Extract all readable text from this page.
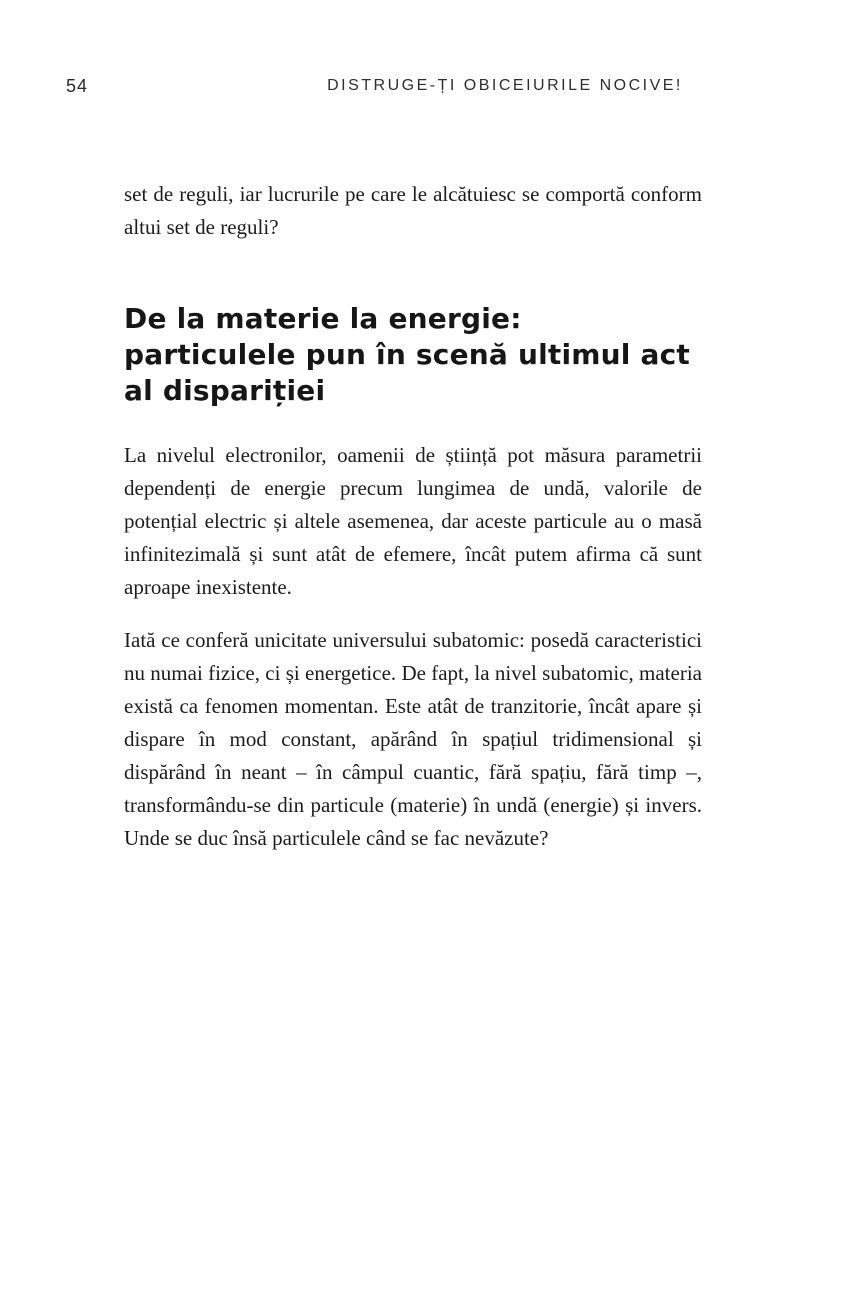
54	DISTRUGE-ȚI OBICEIURILE NOCIVE!

set de reguli, iar lucrurile pe care le alcătuiesc se comportă conform altui set de reguli?

De la materie la energie: particulele pun în scenă ultimul act al dispariției

La nivelul electronilor, oamenii de știință pot măsura parametrii dependenți de energie precum lungimea de undă, valorile de potențial electric și altele asemenea, dar aceste particule au o masă infinitezimală și sunt atât de efemere, încât putem afirma că sunt aproape inexistente.

Iată ce conferă unicitate universului subatomic: posedă caracteristici nu numai fizice, ci și energetice. De fapt, la nivel subatomic, materia există ca fenomen momentan. Este atât de tranzitorie, încât apare și dispare în mod constant, apărând în spațiul tridimensional și dispărând în neant – în câmpul cuantic, fără spațiu, fără timp –, transformându-se din particule (materie) în undă (energie) și invers. Unde se duc însă particulele când se fac nevăzute?
